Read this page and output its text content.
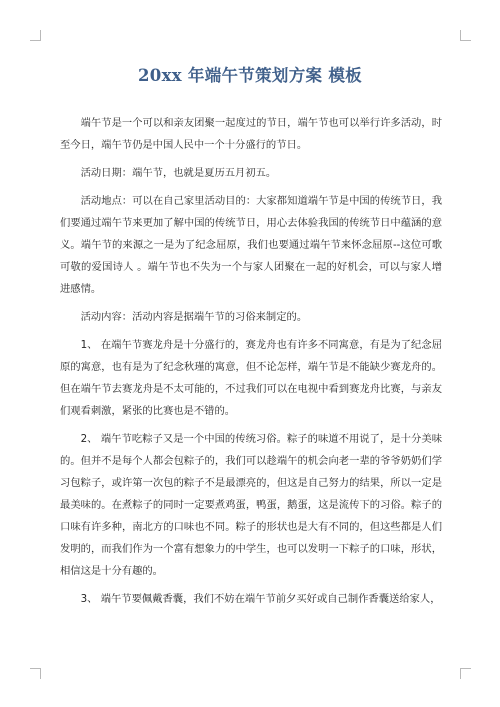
20xx 年端午节策划方案 模板

端午节是一个可以和亲友团聚一起度过的节日，端午节也可以举行许多活动，时至今日，端午节仍是中国人民中一个十分盛行的节日。

活动日期：端午节，也就是夏历五月初五。

活动地点：可以在自己家里活动目的：大家都知道端午节是中国的传统节日，我们要通过端午节来更加了解中国的传统节日，用心去体验我国的传统节日中蕴涵的意义。端午节的来源之一是为了纪念屈原，我们也要通过端午节来怀念屈原--这位可歌可敬的爱国诗人 。端午节也不失为一个与家人团聚在一起的好机会，可以与家人增进感情。

活动内容：活动内容是据端午节的习俗来制定的。

1、 在端午节赛龙舟是十分盛行的，赛龙舟也有许多不同寓意，有是为了纪念屈原的寓意，也有是为了纪念秋瑾的寓意，但不论怎样，端午节是不能缺少赛龙舟的。但在端午节去赛龙舟是不太可能的，不过我们可以在电视中看到赛龙舟比赛，与亲友们观看刺激，紧张的比赛也是不错的。

2、 端午节吃粽子又是一个中国的传统习俗。粽子的味道不用说了，是十分美味的。但并不是每个人都会包粽子的，我们可以趁端午的机会向老一辈的爷爷奶奶们学习包粽子，或许第一次包的粽子不是最漂亮的，但这是自己努力的结果，所以一定是最美味的。在煮粽子的同时一定要煮鸡蛋，鸭蛋，鹅蛋，这是流传下的习俗。粽子的口味有许多种，南北方的口味也不同。粽子的形状也是大有不同的，但这些都是人们发明的，而我们作为一个富有想象力的中学生，也可以发明一下粽子的口味，形状，相信这是十分有趣的。

3、 端午节要佩戴香囊，我们不妨在端午节前夕买好或自己制作香囊送给家人，
